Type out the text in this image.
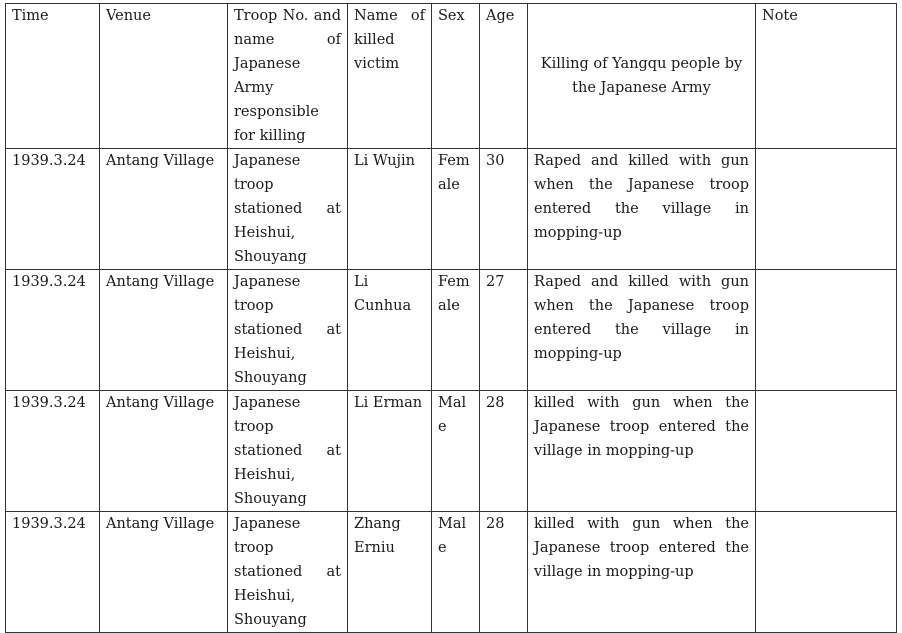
Time	Venue	Troop No. and name of Japanese Army responsible for killing	Name of killed victim	Sex	Age	Killing of Yangqu people by the Japanese Army	Note
1939.3.24	Antang Village	Japanese troop stationed at Heishui, Shouyang	Li Wujin	Fem ale	30	Raped and killed with gun when the Japanese troop entered the village in mopping-up	
1939.3.24	Antang Village	Japanese troop stationed at Heishui, Shouyang	Li Cunhua	Fem ale	27	Raped and killed with gun when the Japanese troop entered the village in mopping-up	
1939.3.24	Antang Village	Japanese troop stationed at Heishui, Shouyang	Li Erman	Male	28	killed with gun when the Japanese troop entered the village in mopping-up	
1939.3.24	Antang Village	Japanese troop stationed at Heishui, Shouyang	Zhang Erniu	Male	28	killed with gun when the Japanese troop entered the village in mopping-up	
